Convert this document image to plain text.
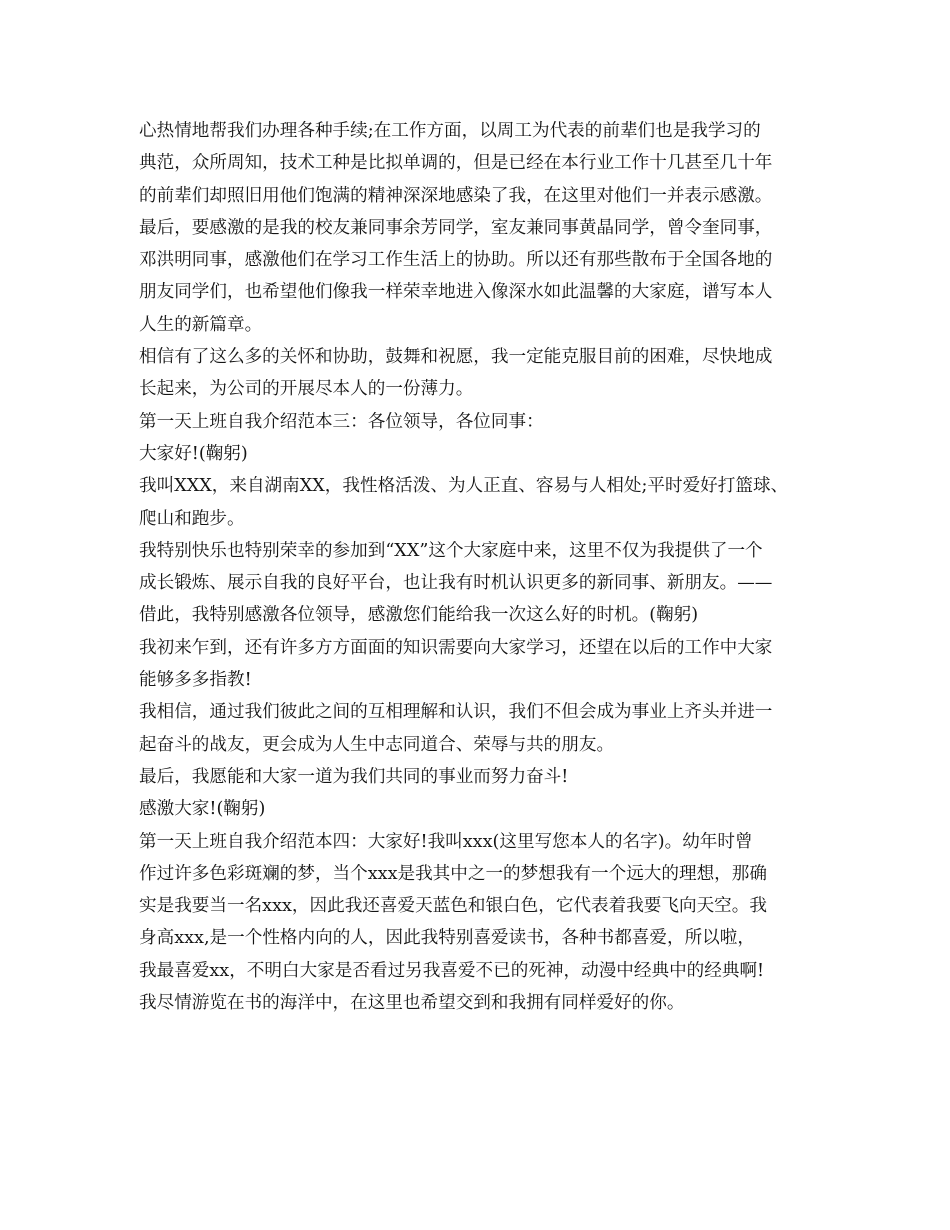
心热情地帮我们办理各种手续;在工作方面，以周工为代表的前辈们也是我学习的
典范，众所周知，技术工种是比拟单调的，但是已经在本行业工作十几甚至几十年
的前辈们却照旧用他们饱满的精神深深地感染了我，在这里对他们一并表示感激。
最后，要感激的是我的校友兼同事余芳同学，室友兼同事黄晶同学，曾令奎同事，
邓洪明同事，感激他们在学习工作生活上的协助。所以还有那些散布于全国各地的
朋友同学们，也希望他们像我一样荣幸地进入像深水如此温馨的大家庭，谱写本人
人生的新篇章。
相信有了这么多的关怀和协助，鼓舞和祝愿，我一定能克服目前的困难，尽快地成
长起来，为公司的开展尽本人的一份薄力。
第一天上班自我介绍范本三：各位领导，各位同事：
大家好!(鞠躬)
我叫XXX，来自湖南XX，我性格活泼、为人正直、容易与人相处;平时爱好打篮球、
爬山和跑步。
我特别快乐也特别荣幸的参加到“XX”这个大家庭中来，这里不仅为我提供了一个
成长锻炼、展示自我的良好平台，也让我有时机认识更多的新同事、新朋友。——
借此，我特别感激各位领导，感激您们能给我一次这么好的时机。(鞠躬)
我初来乍到，还有许多方方面面的知识需要向大家学习，还望在以后的工作中大家
能够多多指教!
我相信，通过我们彼此之间的互相理解和认识，我们不但会成为事业上齐头并进一
起奋斗的战友，更会成为人生中志同道合、荣辱与共的朋友。
最后，我愿能和大家一道为我们共同的事业而努力奋斗!
感激大家!(鞠躬)
第一天上班自我介绍范本四：大家好!我叫xxx(这里写您本人的名字)。幼年时曾
作过许多色彩斑斓的梦，当个xxx是我其中之一的梦想我有一个远大的理想，那确
实是我要当一名xxx，因此我还喜爱天蓝色和银白色，它代表着我要飞向天空。我
身高xxx,是一个性格内向的人，因此我特别喜爱读书，各种书都喜爱，所以啦，
我最喜爱xx，不明白大家是否看过另我喜爱不已的死神，动漫中经典中的经典啊!
我尽情游览在书的海洋中，在这里也希望交到和我拥有同样爱好的你。
